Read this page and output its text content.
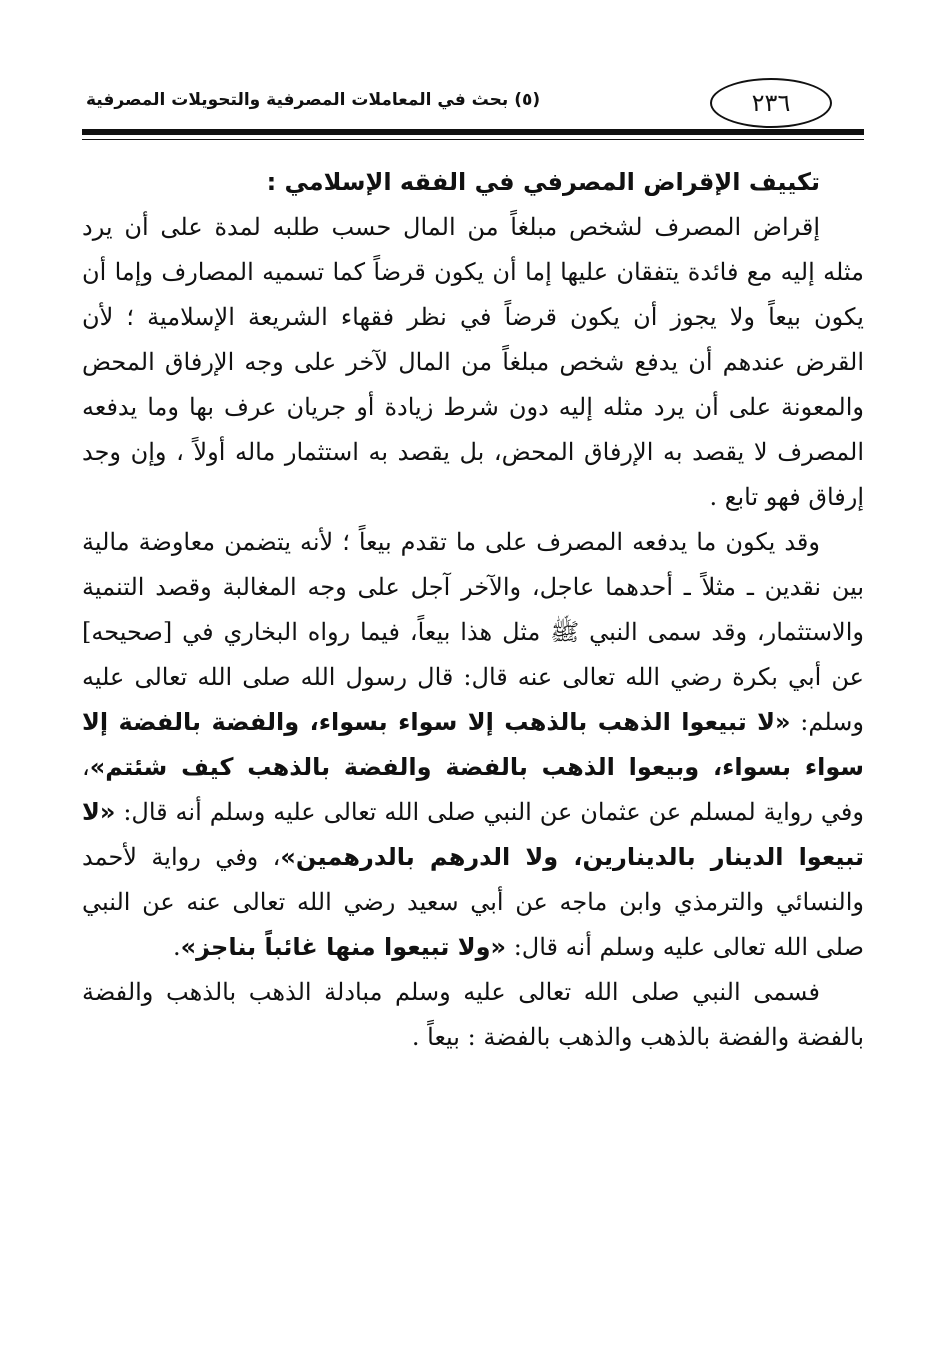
(٥) بحث في المعاملات المصرفية والتحويلات المصرفية	٢٣٦

تكييف الإقراض المصرفي في الفقه الإسلامي :

إقراض المصرف لشخص مبلغاً من المال حسب طلبه لمدة على أن يرد مثله إليه مع فائدة يتفقان عليها إما أن يكون قرضاً كما تسميه المصارف وإما أن يكون بيعاً ولا يجوز أن يكون قرضاً في نظر فقهاء الشريعة الإسلامية ؛ لأن القرض عندهم أن يدفع شخص مبلغاً من المال لآخر على وجه الإرفاق المحض والمعونة على أن يرد مثله إليه دون شرط زيادة أو جريان عرف بها وما يدفعه المصرف لا يقصد به الإرفاق المحض، بل يقصد به استثمار ماله أولاً ، وإن وجد إرفاق فهو تابع .

وقد يكون ما يدفعه المصرف على ما تقدم بيعاً ؛ لأنه يتضمن معاوضة مالية بين نقدين ـ مثلاً ـ أحدهما عاجل، والآخر آجل على وجه المغالبة وقصد التنمية والاستثمار، وقد سمى النبي ﷺ مثل هذا بيعاً، فيما رواه البخاري في [صحيحه] عن أبي بكرة رضي الله تعالى عنه قال: قال رسول الله صلى الله تعالى عليه وسلم: «لا تبيعوا الذهب بالذهب إلا سواء بسواء، والفضة بالفضة إلا سواء بسواء، وبيعوا الذهب بالفضة والفضة بالذهب كيف شئتم»، وفي رواية لمسلم عن عثمان عن النبي صلى الله تعالى عليه وسلم أنه قال: «لا تبيعوا الدينار بالدينارين، ولا الدرهم بالدرهمين»، وفي رواية لأحمد والنسائي والترمذي وابن ماجه عن أبي سعيد رضي الله تعالى عنه عن النبي صلى الله تعالى عليه وسلم أنه قال: «ولا تبيعوا منها غائباً بناجز».

فسمى النبي صلى الله تعالى عليه وسلم مبادلة الذهب بالذهب والفضة بالفضة والفضة بالذهب والذهب بالفضة : بيعاً .
